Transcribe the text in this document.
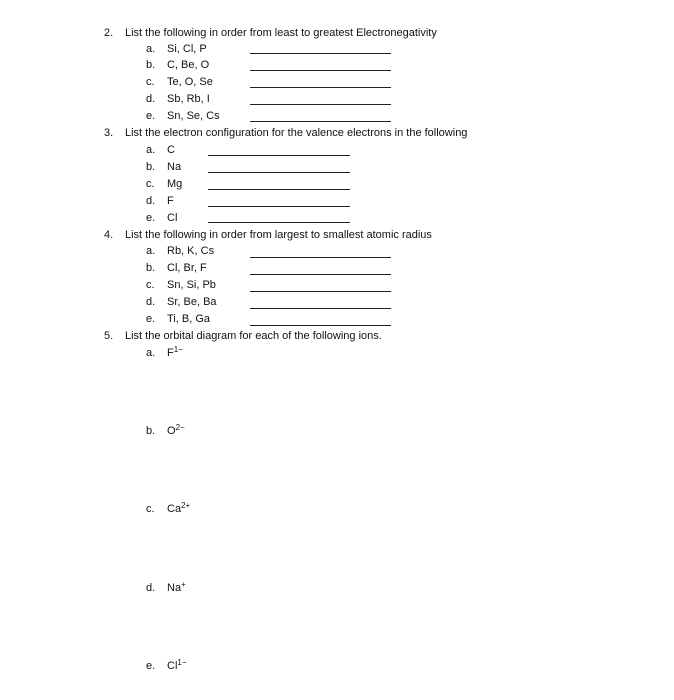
2. List the following in order from least to greatest Electronegativity
a. Si, Cl, P
b. C, Be, O
c. Te, O, Se
d. Sb, Rb, I
e. Sn, Se, Cs
3. List the electron configuration for the valence electrons in the following
a. C
b. Na
c. Mg
d. F
e. Cl
4. List the following in order from largest to smallest atomic radius
a. Rb, K, Cs
b. Cl, Br, F
c. Sn, Si, Pb
d. Sr, Be, Ba
e. Ti, B, Ga
5. List the orbital diagram for each of the following ions.
a. $F^{1-}$
b. $O^{2-}$
c. $Ca^{2+}$
d. Na+
e. $Cl^{1-}$
